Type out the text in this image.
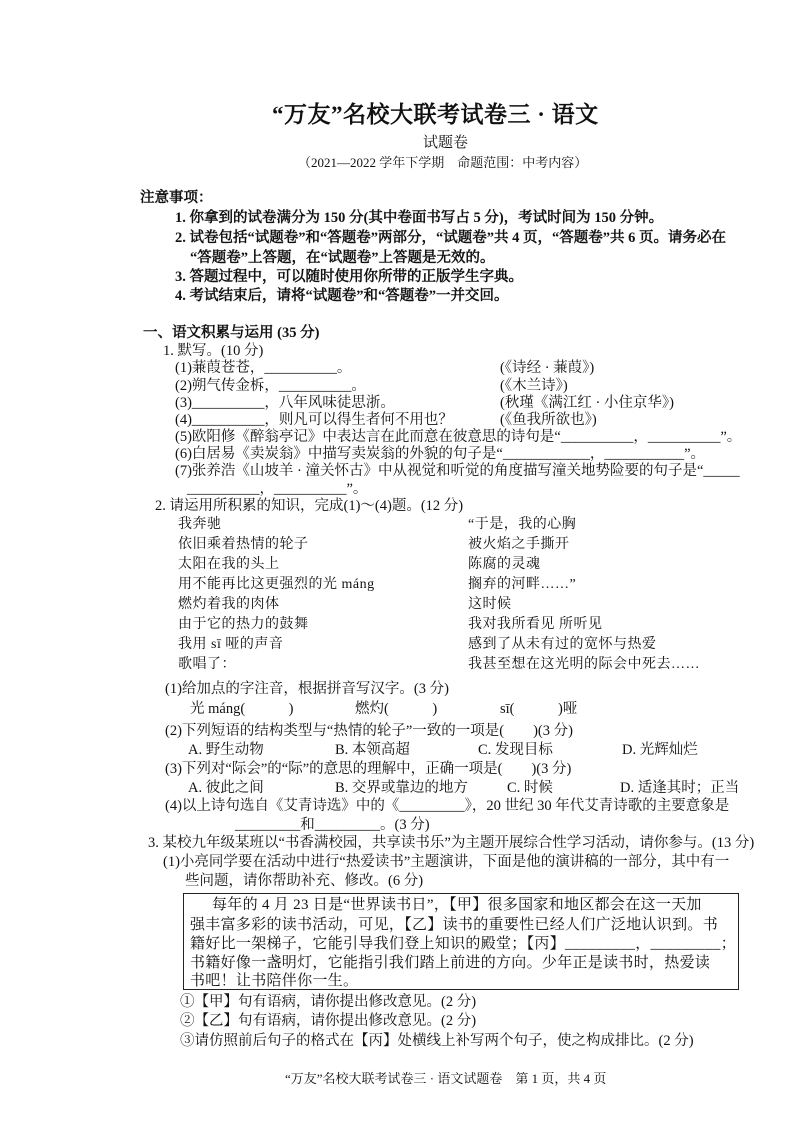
“万友”名校大联考试卷三 · 语文
试题卷
（2021—2022 学年下学期　命题范围：中考内容）
注意事项：
1. 你拿到的试卷满分为 150 分(其中卷面书写占 5 分)，考试时间为 150 分钟。
2. 试卷包括“试题卷”和“答题卷”两部分，“试题卷”共 4 页，“答题卷”共 6 页。请务必在
“答题卷”上答题，在“试题卷”上答题是无效的。
3. 答题过程中，可以随时使用你所带的正版学生字典。
4. 考试结束后，请将“试题卷”和“答题卷”一并交回。
一、语文积累与运用 (35 分)
1. 默写。(10 分)
(1)蒹葭苍苍，__________。	(《诗经 · 蒹葭》)
(2)朔气传金柝，__________。	(《木兰诗》)
(3)__________，八年风味徒思浙。	(秋瑾《满江红 · 小住京华》)
(4)__________，则凡可以得生者何不用也？	(《鱼我所欲也》)
(5)欧阳修《醉翁亭记》中表达言在此而意在彼意思的诗句是“__________，__________”。
(6)白居易《卖炭翁》中描写卖炭翁的外貌的句子是“____________，___________”。
(7)张养浩《山坡羊 · 潼关怀古》中从视觉和听觉的角度描写潼关地势险要的句子是“_____
__________，__________”。
2. 请运用所积累的知识，完成(1)～(4)题。(12 分)
我奔驰
依旧乘着热情的轮子
太阳在我的头上
用不能再比这更强烈的光 máng
燃灼着我的肉体
由于它的热力的鼓舞
我用 sī 哑的声音
歌唱了：
“于是，我的心胸
被火焰之手撕开
陈腐的灵魂
搁弃的河畔……”
这时候
我对我所看见 所听见
感到了从未有过的宽怀与热爱
我甚至想在这光明的际会中死去……
(1)给加点的字注音，根据拼音写汉字。(3 分)
光 máng(　　　)	燃灼(　　　)	sī(　　　)哑
(2)下列短语的结构类型与“热情的轮子”一致的一项是(　　)(3 分)
A. 野生动物	B. 本领高超	C. 发现目标	D. 光辉灿烂
(3)下列对“际会”的“际”的意思的理解中，正确一项是(　　)(3 分)
A. 彼此之间	B. 交界或靠边的地方	C. 时候	D. 适逢其时；正当
(4)以上诗句选自《艾青诗选》中的《_________》，20 世纪 30 年代艾青诗歌的主要意象是
_________和_________。(3 分)
3. 某校九年级某班以“书香满校园，共享读书乐”为主题开展综合性学习活动，请你参与。(13 分)
(1)小亮同学要在活动中进行“热爱读书”主题演讲，下面是他的演讲稿的一部分，其中有一
些问题，请你帮助补充、修改。(6 分)
每年的 4 月 23 日是“世界读书日”，【甲】很多国家和地区都会在这一天加
强丰富多彩的读书活动，可见，【乙】读书的重要性已经人们广泛地认识到。书
籍好比一架梯子，它能引导我们登上知识的殿堂；【丙】_________，_________；
书籍好像一盏明灯，它能指引我们踏上前进的方向。少年正是读书时，热爱读
书吧！让书陪伴你一生。
①【甲】句有语病，请你提出修改意见。(2 分)
②【乙】句有语病，请你提出修改意见。(2 分)
③请仿照前后句子的格式在【丙】处横线上补写两个句子，使之构成排比。(2 分)
“万友”名校大联考试卷三 · 语文试题卷　第 1 页，共 4 页
